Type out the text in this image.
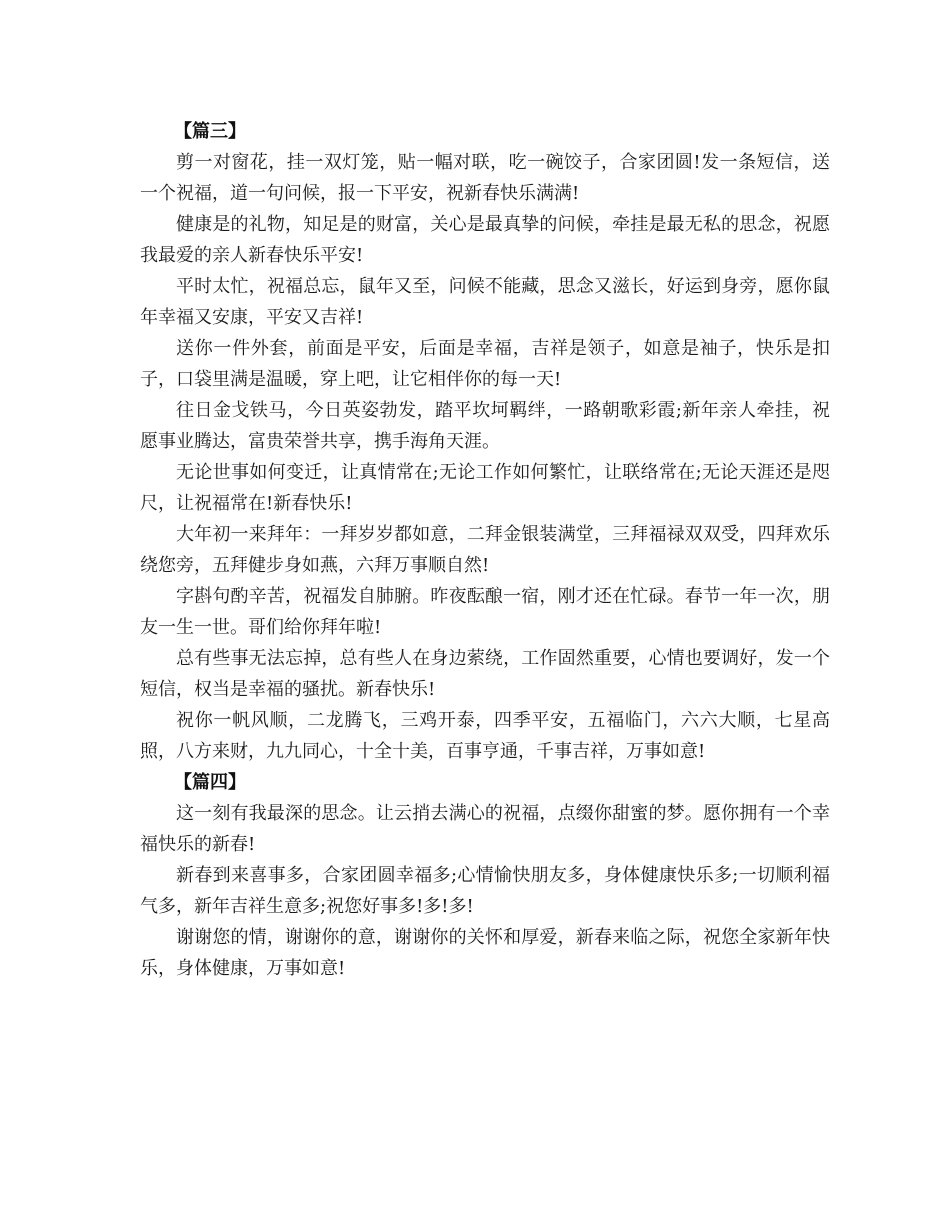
【篇三】

剪一对窗花，挂一双灯笼，贴一幅对联，吃一碗饺子，合家团圆!发一条短信，送一个祝福，道一句问候，报一下平安，祝新春快乐满满!

健康是的礼物，知足是的财富，关心是最真挚的问候，牵挂是最无私的思念，祝愿我最爱的亲人新春快乐平安!

平时太忙，祝福总忘，鼠年又至，问候不能藏，思念又滋长，好运到身旁，愿你鼠年幸福又安康，平安又吉祥!

送你一件外套，前面是平安，后面是幸福，吉祥是领子，如意是袖子，快乐是扣子，口袋里满是温暖，穿上吧，让它相伴你的每一天!

往日金戈铁马，今日英姿勃发，踏平坎坷羁绊，一路朝歌彩霞;新年亲人牵挂，祝愿事业腾达，富贵荣誉共享，携手海角天涯。

无论世事如何变迁，让真情常在;无论工作如何繁忙，让联络常在;无论天涯还是咫尺，让祝福常在!新春快乐!

大年初一来拜年：一拜岁岁都如意，二拜金银装满堂，三拜福禄双双受，四拜欢乐绕您旁，五拜健步身如燕，六拜万事顺自然!

字斟句酌辛苦，祝福发自肺腑。昨夜酝酿一宿，刚才还在忙碌。春节一年一次，朋友一生一世。哥们给你拜年啦!

总有些事无法忘掉，总有些人在身边萦绕，工作固然重要，心情也要调好，发一个短信，权当是幸福的骚扰。新春快乐!

祝你一帆风顺，二龙腾飞，三鸡开泰，四季平安，五福临门，六六大顺，七星高照，八方来财，九九同心，十全十美，百事亨通，千事吉祥，万事如意!

【篇四】

这一刻有我最深的思念。让云捎去满心的祝福，点缀你甜蜜的梦。愿你拥有一个幸福快乐的新春!

新春到来喜事多，合家团圆幸福多;心情愉快朋友多，身体健康快乐多;一切顺利福气多，新年吉祥生意多;祝您好事多!多!多!

谢谢您的情，谢谢你的意，谢谢你的关怀和厚爱，新春来临之际，祝您全家新年快乐，身体健康，万事如意!
